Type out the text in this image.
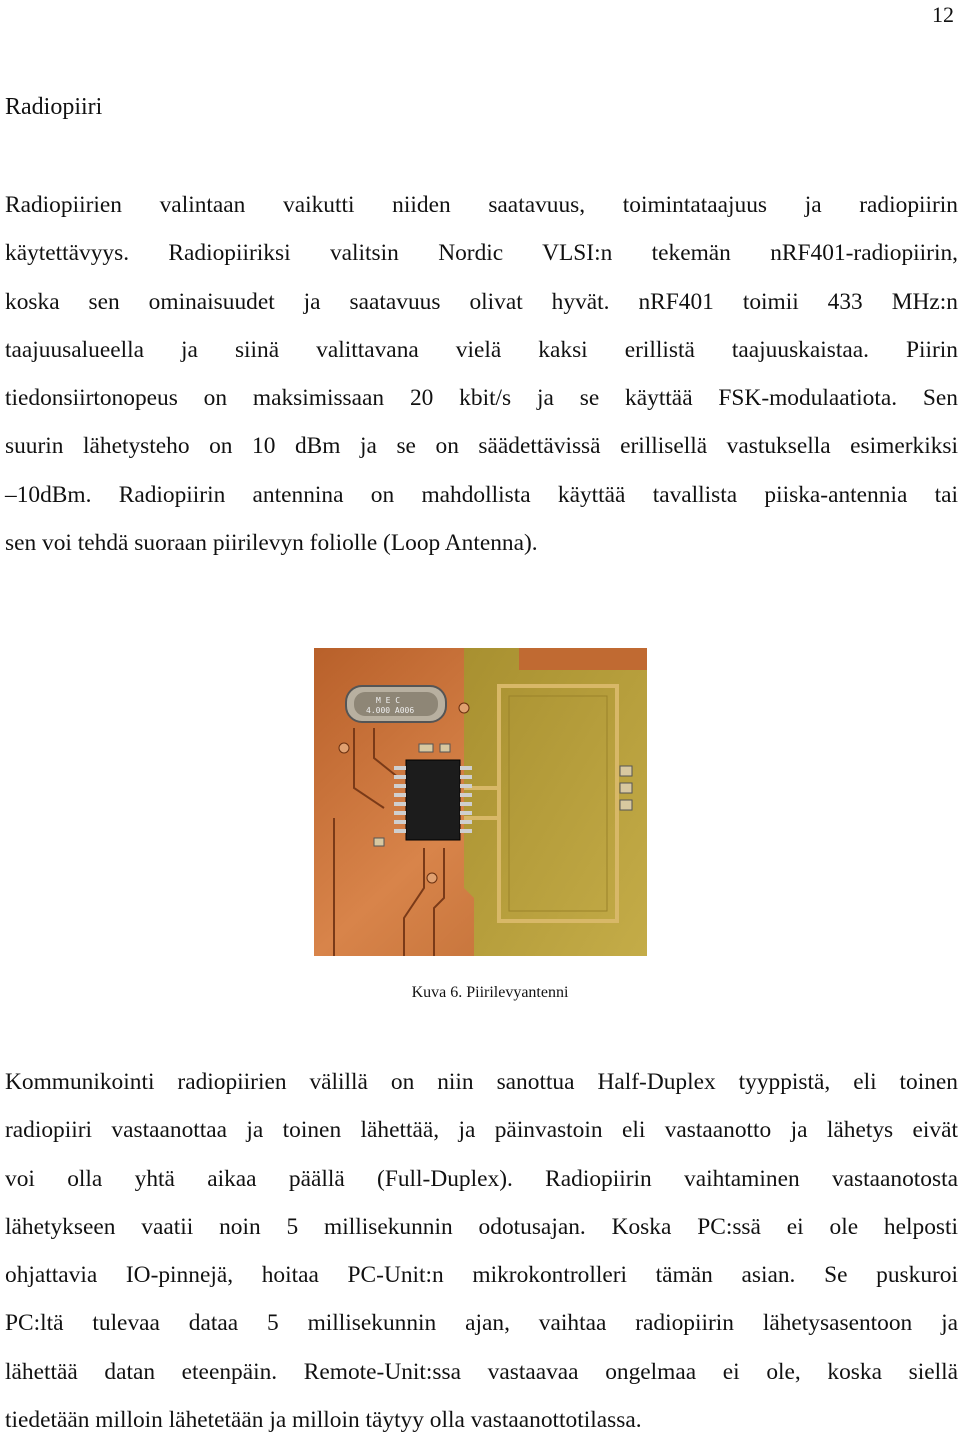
12
Radiopiiri

Radiopiirien valintaan vaikutti niiden saatavuus, toimintataajuus ja radiopiirin
käytettävyys. Radiopiiriksi valitsin Nordic VLSI:n tekemän nRF401-radiopiirin,
koska sen ominaisuudet ja saatavuus olivat hyvät. nRF401 toimii 433 MHz:n
taajuusalueella ja siinä valittavana vielä kaksi erillistä taajuuskaistaa. Piirin
tiedonsiirtonopeus on maksimissaan 20 kbit/s ja se käyttää FSK-modulaatiota. Sen
suurin lähetysteho on 10 dBm ja se on säädettävissä erillisellä vastuksella esimerkiksi
–10dBm. Radiopiirin antennina on mahdollista käyttää tavallista piiska-antennia tai
sen voi tehdä suoraan piirilevyn foliolle (Loop Antenna).

M E C
4.000 A006
Kuva 6. Piirilevyantenni

Kommunikointi radiopiirien välillä on niin sanottua Half-Duplex tyyppistä, eli toinen
radiopiiri vastaanottaa ja toinen lähettää, ja päinvastoin eli vastaanotto ja lähetys eivät
voi olla yhtä aikaa päällä (Full-Duplex). Radiopiirin vaihtaminen vastaanotosta
lähetykseen vaatii noin 5 millisekunnin odotusajan. Koska PC:ssä ei ole helposti
ohjattavia IO-pinnejä, hoitaa PC-Unit:n mikrokontrolleri tämän asian. Se puskuroi
PC:ltä tulevaa dataa 5 millisekunnin ajan, vaihtaa radiopiirin lähetysasentoon ja
lähettää datan eteenpäin. Remote-Unit:ssa vastaavaa ongelmaa ei ole, koska siellä
tiedetään milloin lähetetään ja milloin täytyy olla vastaanottotilassa.
